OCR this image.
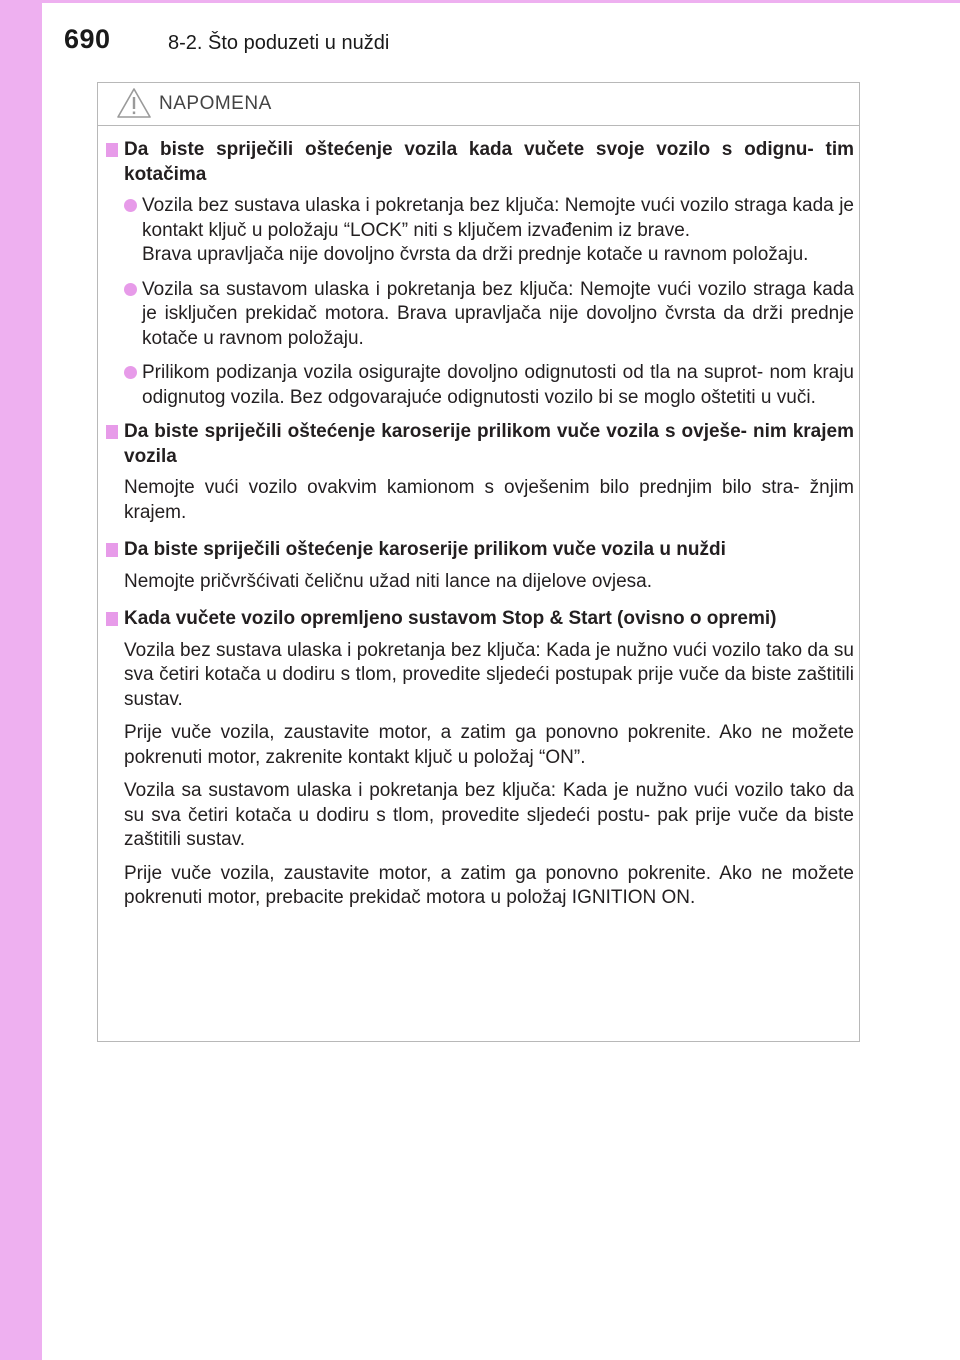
690	8-2. Što poduzeti u nuždi
NAPOMENA
Da biste spriječili oštećenje vozila kada vučete svoje vozilo s odignu- tim kotačima
Vozila bez sustava ulaska i pokretanja bez ključa: Nemojte vući vozilo straga kada je kontakt ključ u položaju “LOCK” niti s ključem izvađenim iz brave.
Brava upravljača nije dovoljno čvrsta da drži prednje kotače u ravnom položaju.
Vozila sa sustavom ulaska i pokretanja bez ključa: Nemojte vući vozilo straga kada je isključen prekidač motora. Brava upravljača nije dovoljno čvrsta da drži prednje kotače u ravnom položaju.
Prilikom podizanja vozila osigurajte dovoljno odignutosti od tla na suprot- nom kraju odignutog vozila. Bez odgovarajuće odignutosti vozilo bi se moglo oštetiti u vuči.
Da biste spriječili oštećenje karoserije prilikom vuče vozila s ovješe- nim krajem vozila
Nemojte vući vozilo ovakvim kamionom s ovješenim bilo prednjim bilo stra- žnjim krajem.
Da biste spriječili oštećenje karoserije prilikom vuče vozila u nuždi
Nemojte pričvršćivati čeličnu užad niti lance na dijelove ovjesa.
Kada vučete vozilo opremljeno sustavom Stop & Start (ovisno o opremi)
Vozila bez sustava ulaska i pokretanja bez ključa: Kada je nužno vući vozilo tako da su sva četiri kotača u dodiru s tlom, provedite sljedeći postupak prije vuče da biste zaštitili sustav.
Prije vuče vozila, zaustavite motor, a zatim ga ponovno pokrenite. Ako ne možete pokrenuti motor, zakrenite kontakt ključ u položaj “ON”.
Vozila sa sustavom ulaska i pokretanja bez ključa: Kada je nužno vući vozilo tako da su sva četiri kotača u dodiru s tlom, provedite sljedeći postu- pak prije vuče da biste zaštitili sustav.
Prije vuče vozila, zaustavite motor, a zatim ga ponovno pokrenite. Ako ne možete pokrenuti motor, prebacite prekidač motora u položaj IGNITION ON.
